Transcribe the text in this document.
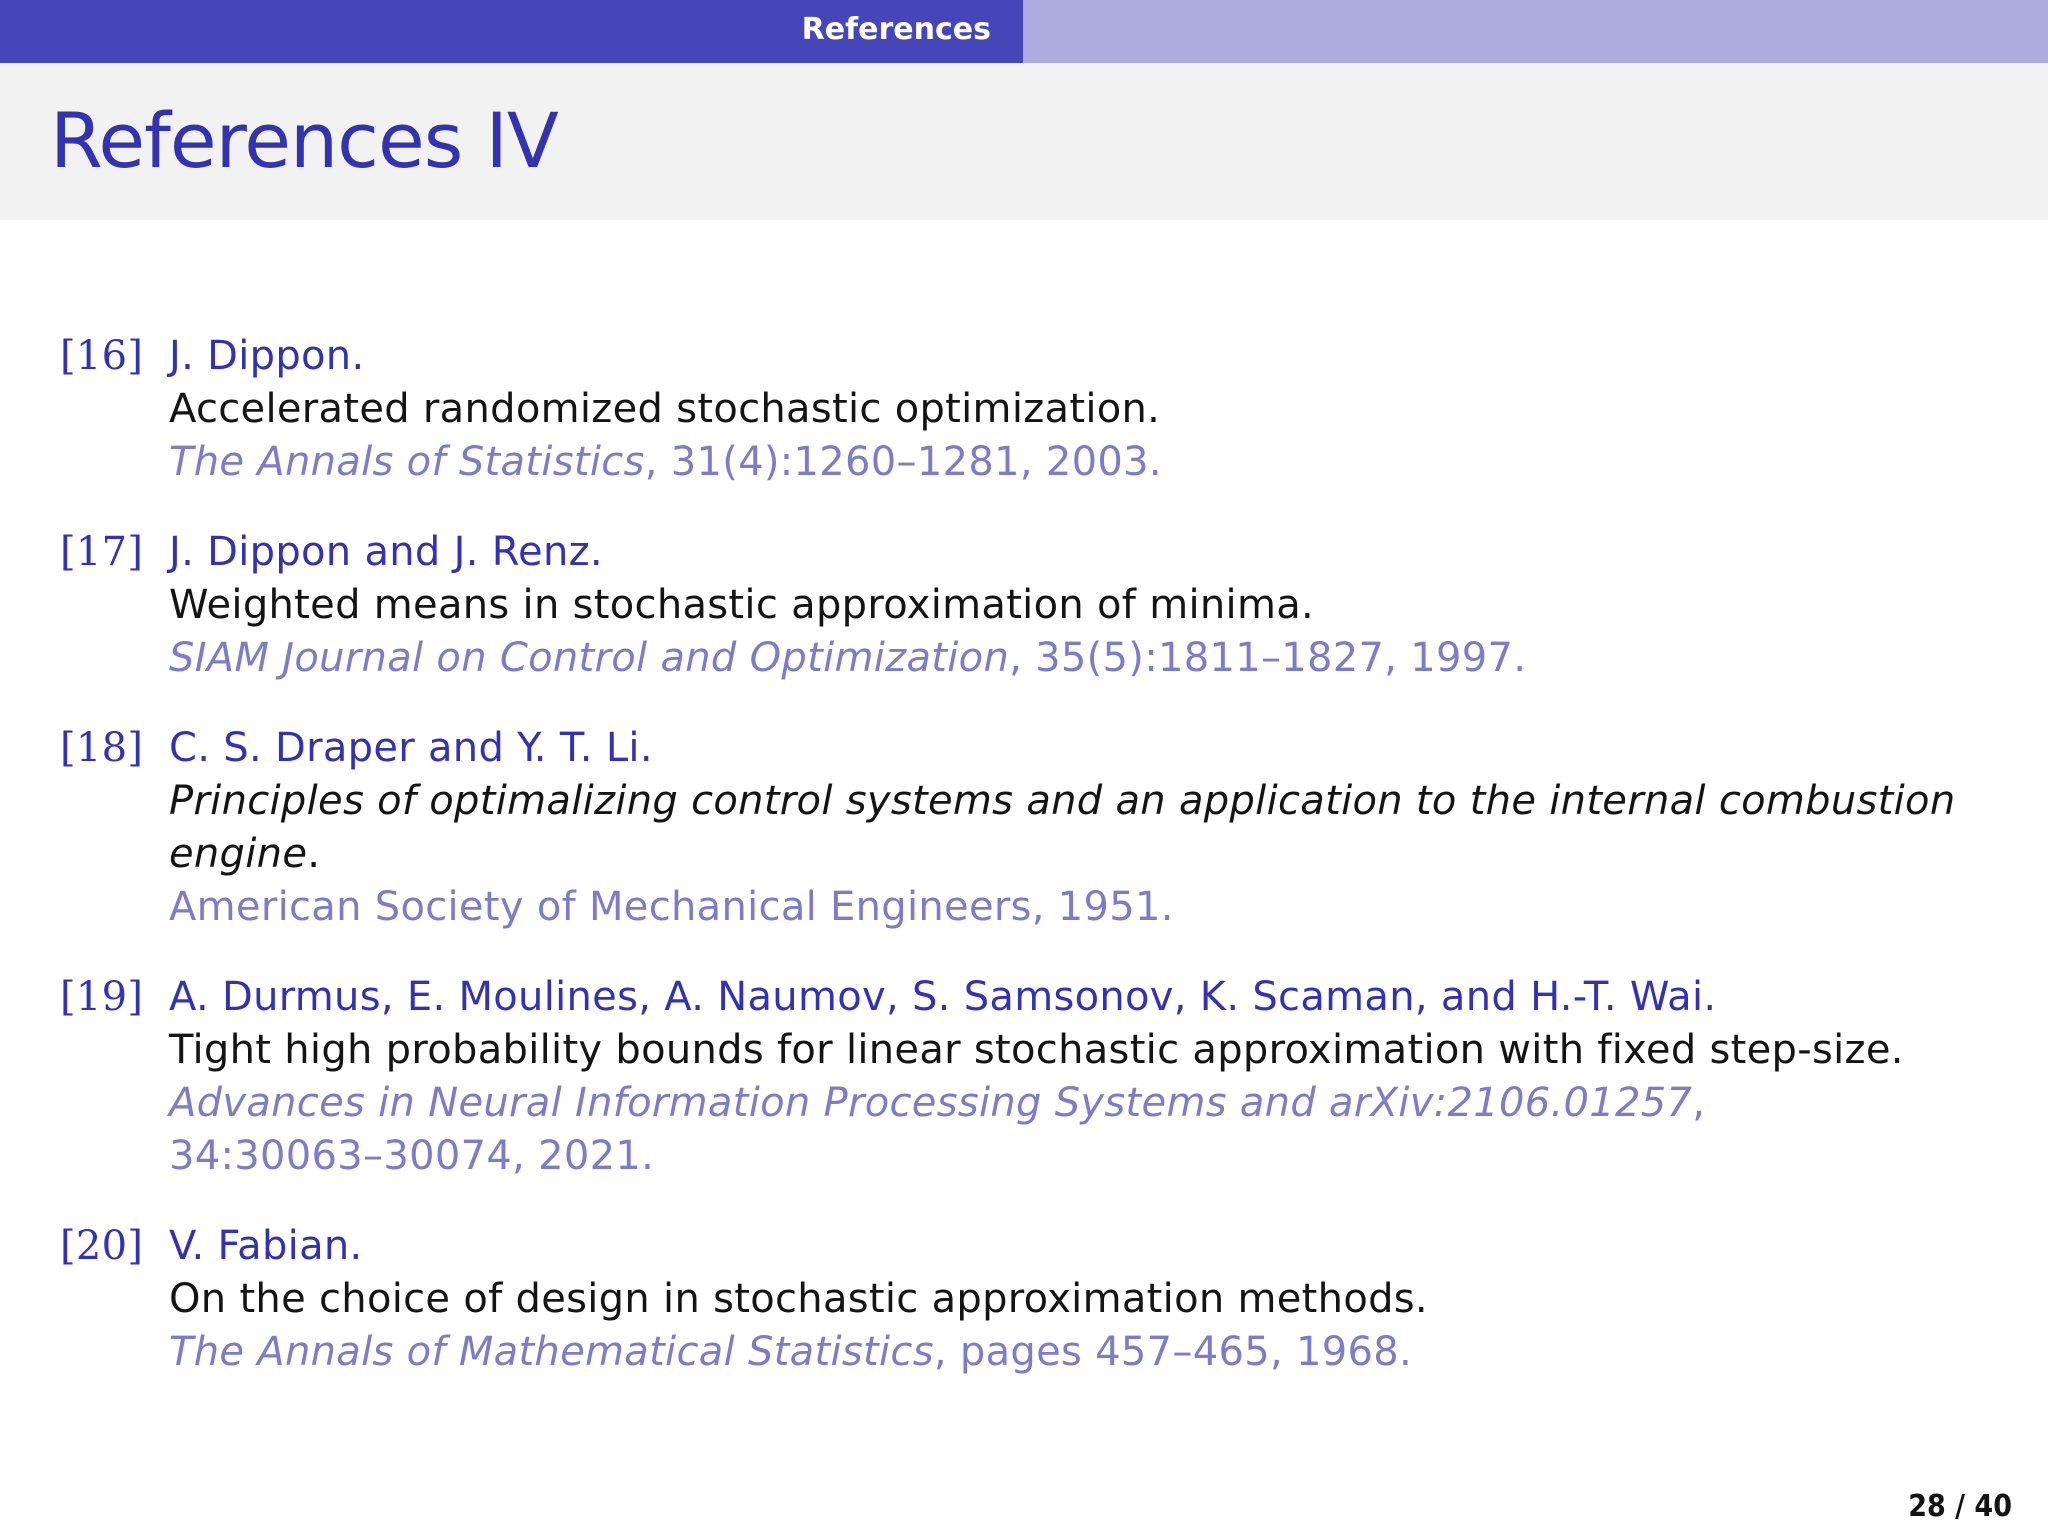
References
References IV
[16] J. Dippon.
Accelerated randomized stochastic optimization.
The Annals of Statistics, 31(4):1260–1281, 2003.
[17] J. Dippon and J. Renz.
Weighted means in stochastic approximation of minima.
SIAM Journal on Control and Optimization, 35(5):1811–1827, 1997.
[18] C. S. Draper and Y. T. Li.
Principles of optimalizing control systems and an application to the internal combustion engine.
American Society of Mechanical Engineers, 1951.
[19] A. Durmus, E. Moulines, A. Naumov, S. Samsonov, K. Scaman, and H.-T. Wai.
Tight high probability bounds for linear stochastic approximation with fixed step-size.
Advances in Neural Information Processing Systems and arXiv:2106.01257, 34:30063–30074, 2021.
[20] V. Fabian.
On the choice of design in stochastic approximation methods.
The Annals of Mathematical Statistics, pages 457–465, 1968.
28 / 40
